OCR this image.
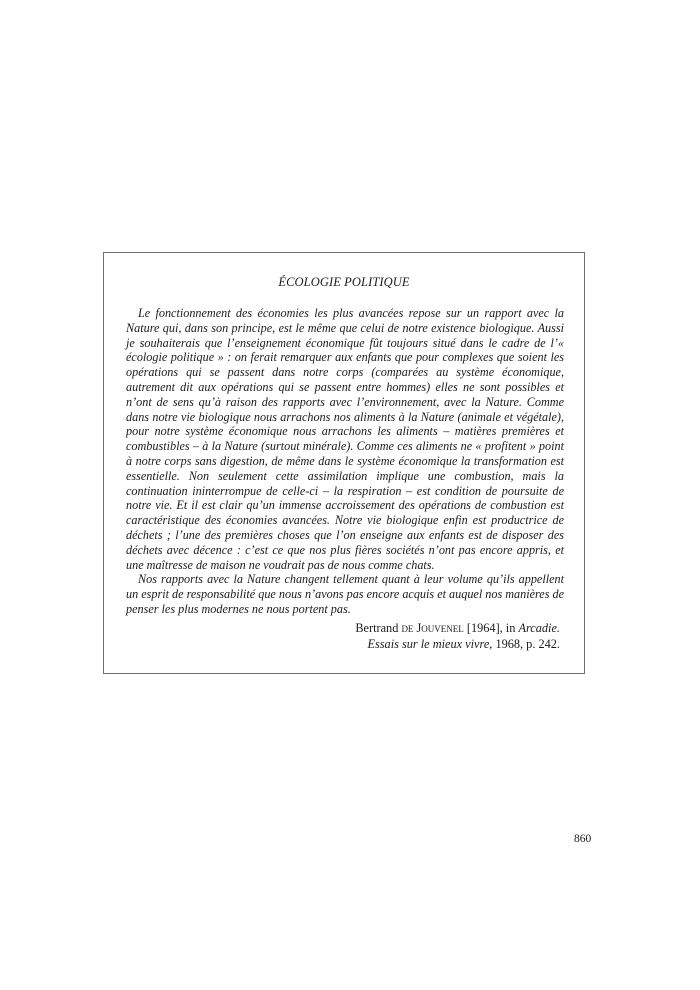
ÉCOLOGIE POLITIQUE

Le fonctionnement des économies les plus avancées repose sur un rapport avec la Nature qui, dans son principe, est le même que celui de notre existence biologique. Aussi je souhaiterais que l’enseignement économique fût toujours situé dans le cadre de l’« écologie politique » : on ferait remarquer aux enfants que pour complexes que soient les opérations qui se passent dans notre corps (comparées au système économique, autrement dit aux opérations qui se passent entre hommes) elles ne sont possibles et n’ont de sens qu’à raison des rapports avec l’environnement, avec la Nature. Comme dans notre vie biologique nous arrachons nos aliments à la Nature (animale et végétale), pour notre système économique nous arrachons les aliments – matières premières et combustibles – à la Nature (surtout minérale). Comme ces aliments ne « profitent » point à notre corps sans digestion, de même dans le système économique la transformation est essentielle. Non seulement cette assimilation implique une combustion, mais la continuation ininterrompue de celle-ci – la respiration – est condition de poursuite de notre vie. Et il est clair qu’un immense accroissement des opérations de combustion est caractéristique des économies avancées. Notre vie biologique enfin est productrice de déchets ; l’une des premières choses que l’on enseigne aux enfants est de disposer des déchets avec décence : c’est ce que nos plus fières sociétés n’ont pas encore appris, et une maîtresse de maison ne voudrait pas de nous comme chats.

Nos rapports avec la Nature changent tellement quant à leur volume qu’ils appellent un esprit de responsabilité que nous n’avons pas encore acquis et auquel nos manières de penser les plus modernes ne nous portent pas.

Bertrand de Jouvenel [1964], in Arcadie.
Essais sur le mieux vivre, 1968, p. 242.
860
